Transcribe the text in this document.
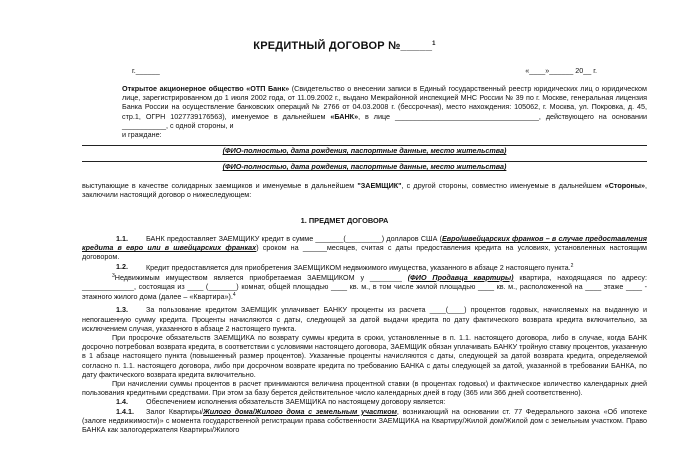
КРЕДИТНЫЙ ДОГОВОР №_____$^1$
г.______	«____»______ 20__ г.
Открытое акционерное общество «ОТП Банк» (Свидетельство о внесении записи в Единый государственный реестр юридических лиц о юридическом лице, зарегистрированном до 1 июля 2002 года, от 11.09.2002 г., выдано Межрайонной инспекцией МНС России № 39 по г. Москве, генеральная лицензия Банка России на осуществление банковских операций № 2766 от 04.03.2008 г. (бессрочная), место нахождения: 105062, г. Москва, ул. Покровка, д. 45, стр.1, ОГРН 1027739176563), именуемое в дальнейшем «БАНК», в лице ____________________________________, действующего на основании ___________, с одной стороны, и
и граждане:
(ФИО-полностью, дата рождения, паспортные данные, место жительства)
(ФИО-полностью, дата рождения, паспортные данные, место жительства)
выступающие в качестве солидарных заемщиков и именуемые в дальнейшем "ЗАЕМЩИК", с другой стороны, совместно именуемые в дальнейшем «Стороны», заключили настоящий договор о нижеследующем:
1. ПРЕДМЕТ ДОГОВОРА
1.1.	БАНК предоставляет ЗАЕМЩИКУ кредит в сумме _______(_________) долларов США (Евро/швейцарских франков – в случае предоставления кредита в евро или в швейцарских франках) сроком на ______месяцев, считая с даты предоставления кредита на условиях, установленных настоящим договором.
1.2.	Кредит предоставляется для приобретения ЗАЕМЩИКОМ недвижимого имущества, указанного в абзаце 2 настоящего пункта.$^2$
$^3$Недвижимым имуществом является приобретаемая ЗАЕМЩИКОМ у ________ (ФИО Продавца квартиры) квартира, находящаяся по адресу: _____________, состоящая из ____ (_______) комнат, общей площадью ____ кв. м., в том числе жилой площадью ____ кв. м., расположенной на ____ этаже ____ - этажного жилого дома (далее – «Квартира»).$^4$
1.3.	За пользование кредитом ЗАЕМЩИК уплачивает БАНКУ проценты из расчета ____(____) процентов годовых, начисляемых на выданную и непогашенную сумму кредита. Проценты начисляются с даты, следующей за датой выдачи кредита по дату фактического возврата кредита включительно, за исключением случая, указанного в абзаце 2 настоящего пункта.
При просрочке обязательств ЗАЕМЩИКА по возврату суммы кредита в сроки, установленные в п. 1.1. настоящего договора, либо в случае, когда БАНК досрочно потребовал возврата кредита, в соответствии с условиями настоящего договора, ЗАЕМЩИК обязан уплачивать БАНКУ тройную ставку процентов, указанную в 1 абзаце настоящего пункта (повышенный размер процентов). Указанные проценты начисляются с даты, следующей за датой возврата кредита, определяемой согласно п. 1.1. настоящего договора, либо при досрочном возврате кредита по требованию БАНКА с даты следующей за датой, указанной в требовании БАНКА, по дату фактического возврата кредита включительно.
При начислении суммы процентов в расчет принимаются величина процентной ставки (в процентах годовых) и фактическое количество календарных дней пользования кредитными средствами. При этом за базу берется действительное число календарных дней в году (365 или 366 дней соответственно).
1.4.	Обеспечением исполнения обязательств ЗАЕМЩИКА по настоящему договору является:
1.4.1.	Залог Квартиры/Жилого дома/Жилого дома с земельным участком, возникающий на основании ст. 77 Федерального закона «Об ипотеке (залоге недвижимости)» с момента государственной регистрации права собственности ЗАЕМЩИКА на Квартиру/Жилой дом/Жилой дом с земельным участком. Право БАНКА как залогодержателя Квартиры/Жилого
